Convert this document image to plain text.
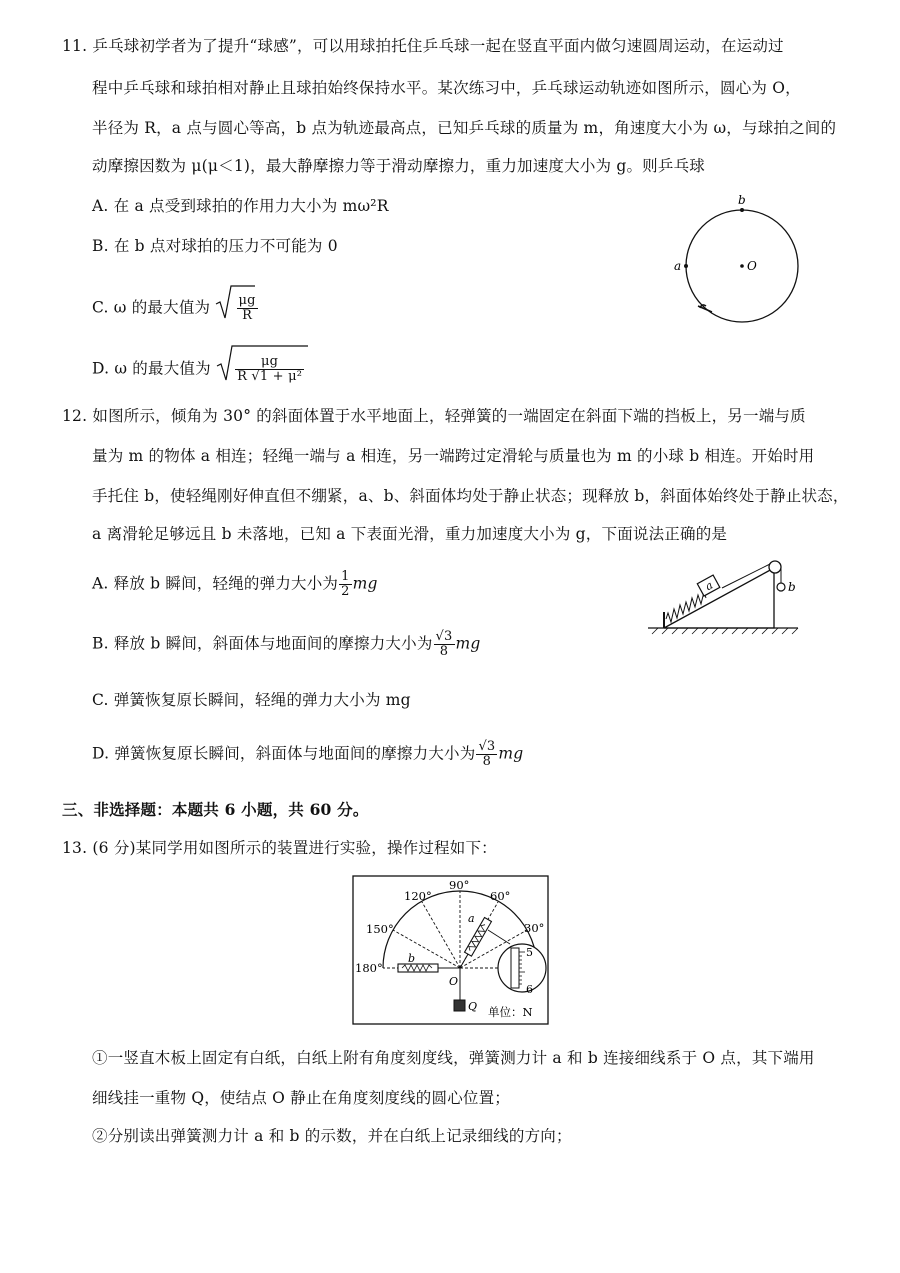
11. 乒乓球初学者为了提升“球感”，可以用球拍托住乒乓球一起在竖直平面内做匀速圆周运动，在运动过
程中乒乓球和球拍相对静止且球拍始终保持水平。某次练习中，乒乓球运动轨迹如图所示，圆心为 O，
半径为 R，a 点与圆心等高，b 点为轨迹最高点，已知乒乓球的质量为 m，角速度大小为 ω，与球拍之间的
动摩擦因数为 μ(μ＜1)，最大静摩擦力等于滑动摩擦力，重力加速度大小为 g。则乒乓球
A. 在 a 点受到球拍的作用力大小为 mω²R
B. 在 b 点对球拍的压力不可能为 0
C. ω 的最大值为 $\frac{\mu g}{R}$
D. ω 的最大值为 $\frac{\mu g}{\text{R √1 + μ²}}$
b
a	O
12. 如图所示，倾角为 30° 的斜面体置于水平地面上，轻弹簧的一端固定在斜面下端的挡板上，另一端与质
量为 m 的物体 a 相连；轻绳一端与 a 相连，另一端跨过定滑轮与质量也为 m 的小球 b 相连。开始时用
手托住 b，使轻绳刚好伸直但不绷紧，a、b、斜面体均处于静止状态；现释放 b，斜面体始终处于静止状态，
a 离滑轮足够远且 b 未落地，已知 a 下表面光滑，重力加速度大小为 g，下面说法正确的是
A. 释放 b 瞬间，轻绳的弹力大小为 $\frac{1}{2}$ mg
B. 释放 b 瞬间，斜面体与地面间的摩擦力大小为 $\frac{√3}{8}$ mg
C. 弹簧恢复原长瞬间，轻绳的弹力大小为 mg
D. 弹簧恢复原长瞬间，斜面体与地面间的摩擦力大小为 $\frac{√3}{8}$ mg
a	b
三、非选择题：本题共 6 小题，共 60 分。
13. (6 分)某同学用如图所示的装置进行实验，操作过程如下：
90°
120°	60°
150°	30°
180°
b
a
5
6
O
Q 单位：N
①一竖直木板上固定有白纸，白纸上附有角度刻度线，弹簧测力计 a 和 b 连接细线系于 O 点，其下端用
细线挂一重物 Q，使结点 O 静止在角度刻度线的圆心位置；
②分别读出弹簧测力计 a 和 b 的示数，并在白纸上记录细线的方向；
